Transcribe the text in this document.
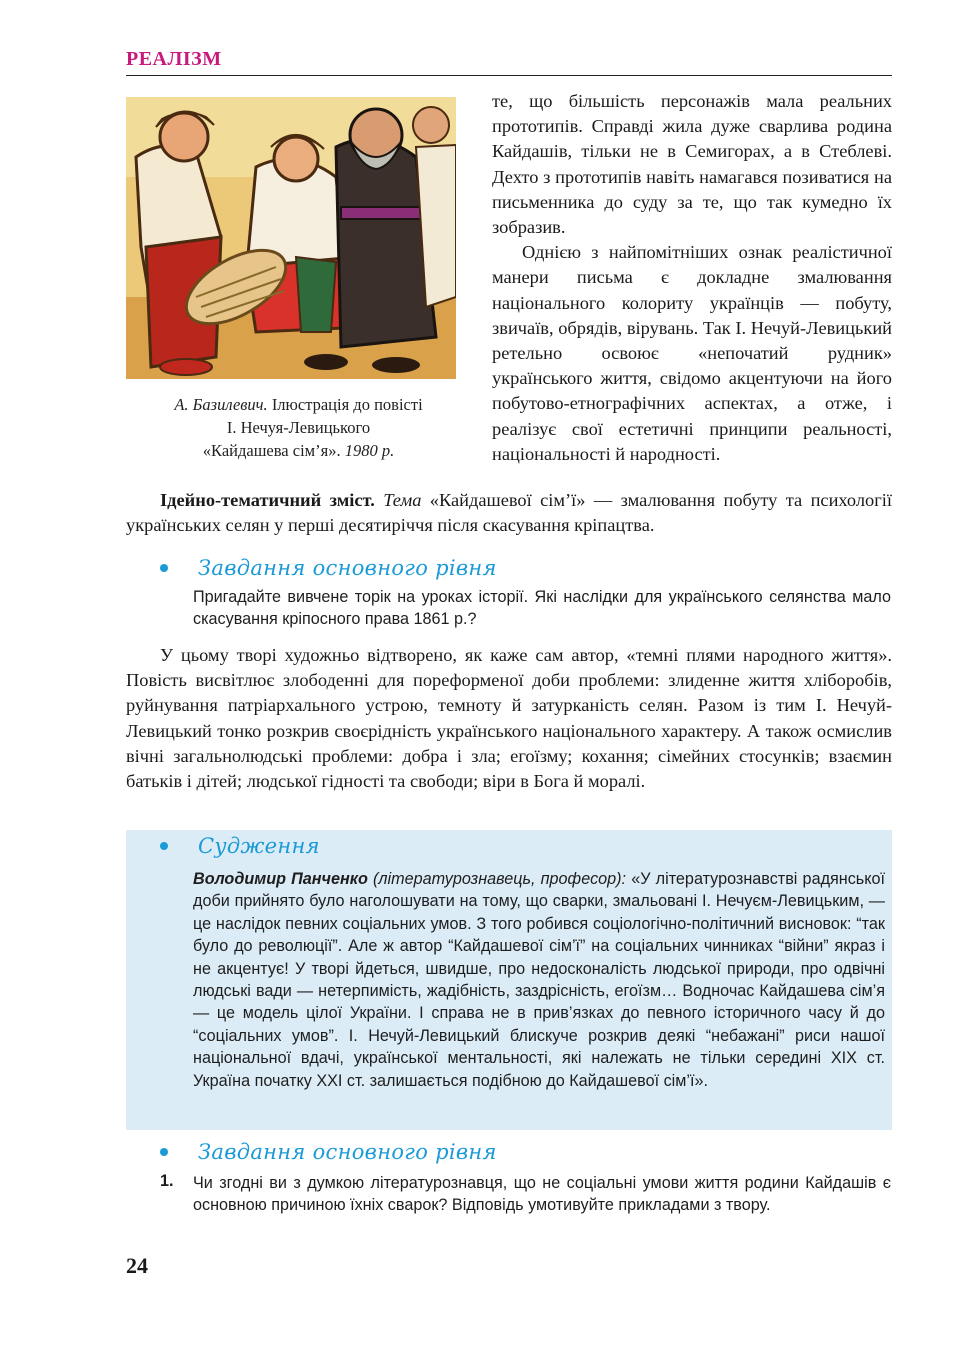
РЕАЛІЗМ
А. Базилевич. Ілюстрація до повісті
І. Нечуя-Левицького
«Кайдашева сім’я». 1980 р.

те, що більшість персонажів мала реальних прототипів. Справді жила дуже сварлива родина Кайдашів, тільки не в Семигорах, а в Стеблеві. Дехто з прототипів навіть намагався позиватися на письменника до суду за те, що так кумедно їх зобразив.

Однією з найпомітніших ознак реалістичної манери письма є докладне змалювання національного колориту українців — побуту, звичаїв, обрядів, вірувань. Так І. Нечуй-Левицький ретельно освоює «непочатий рудник» українського життя, свідомо акцентуючи на його побутово-етнографічних аспектах, а отже, і реалізує свої естетичні принципи реальності, національності й народності.

Ідейно-тематичний зміст. Тема «Кайдашевої сім’ї» — змалювання побуту та психології українських селян у перші десятиріччя після скасування кріпацтва.

Завдання основного рівня

Пригадайте вивчене торік на уроках історії. Які наслідки для українського селянства мало скасування кріпосного права 1861 р.?

У цьому творі художньо відтворено, як каже сам автор, «темні плями народного життя». Повість висвітлює злободенні для пореформеної доби проблеми: злиденне життя хліборобів, руйнування патріархального устрою, темноту й затурканість селян. Разом із тим І. Нечуй-Левицький тонко розкрив своєрідність українського національного характеру. А також осмислив вічні загальнолюдські проблеми: добра і зла; егоїзму; кохання; сімейних стосунків; взаємин батьків і дітей; людської гідності та свободи; віри в Бога й моралі.

Судження

Володимир Панченко (літературознавець, професор): «У літературознавстві радянської доби прийнято було наголошувати на тому, що сварки, змальовані І. Нечуєм-Левицьким, — це наслідок певних соціальних умов. З того робився соціологічно-політичний висновок: “так було до революції”. Але ж автор “Кайдашевої сім’ї” на соціальних чинниках “війни” якраз і не акцентує! У творі йдеться, швидше, про недосконалість людської природи, про одвічні людські вади — нетерпимість, жадібність, заздрісність, егоїзм… Водночас Кайдашева сім’я — це модель цілої України. І справа не в прив’язках до певного історичного часу й до “соціальних умов”. І. Нечуй-Левицький блискуче розкрив деякі “небажані” риси нашої національної вдачі, української ментальності, які належать не тільки середині XIX ст. Україна початку XXI ст. залишається подібною до Кайдашевої сім’ї».

Завдання основного рівня
1. Чи згодні ви з думкою літературознавця, що не соціальні умови життя родини Кайдашів є основною причиною їхніх сварок? Відповідь умотивуйте прикладами з твору.

24
